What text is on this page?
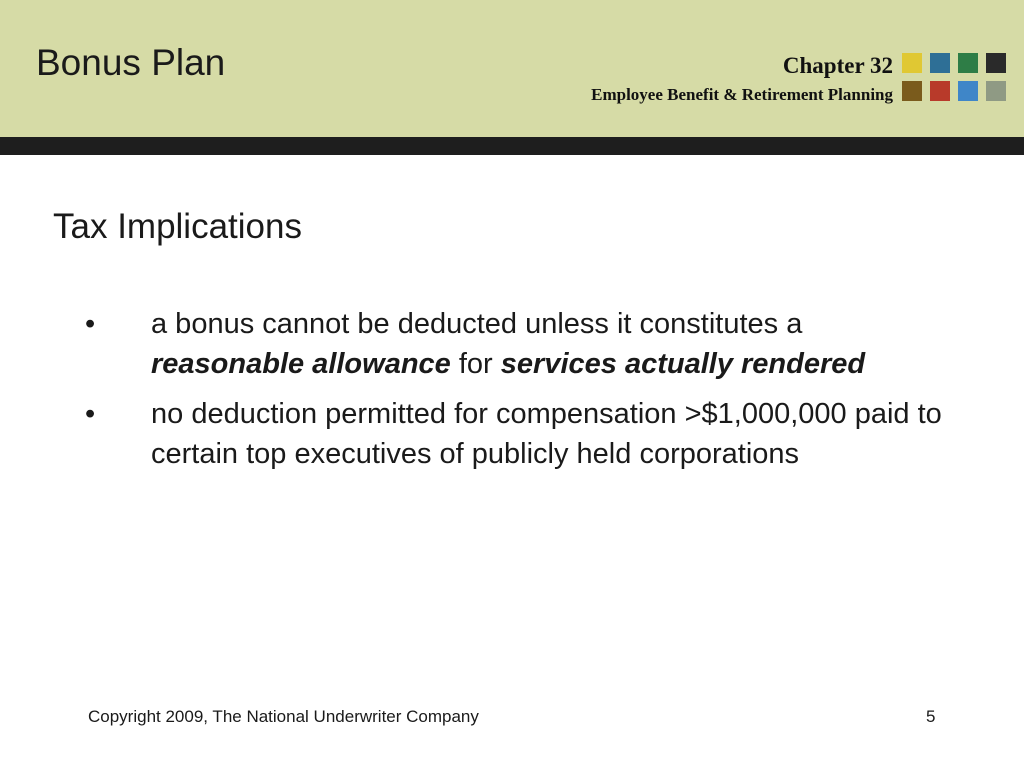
Bonus Plan	Chapter 32
Employee Benefit & Retirement Planning
Tax Implications
• a bonus cannot be deducted unless it constitutes a reasonable allowance for services actually rendered
• no deduction permitted for compensation >$1,000,000 paid to certain top executives of publicly held corporations
Copyright 2009, The National Underwriter Company	5
